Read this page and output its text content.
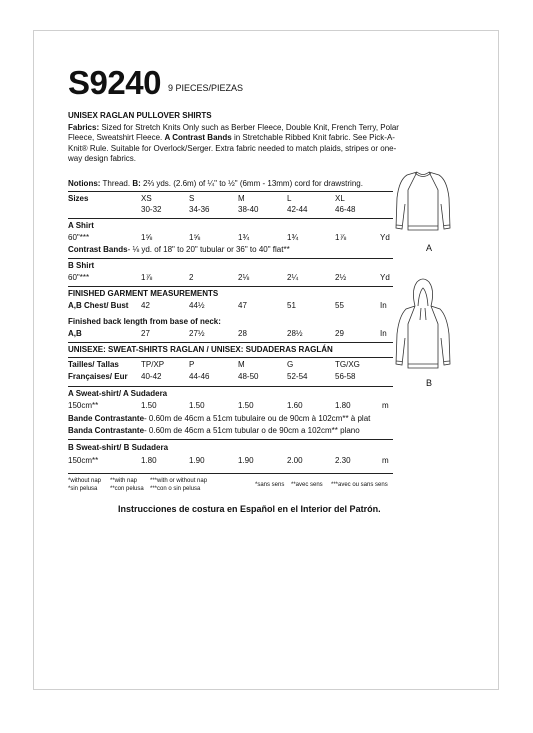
S9240 9 PIECES/PIEZAS
UNISEX RAGLAN PULLOVER SHIRTS
Fabrics: Sized for Stretch Knits Only such as Berber Fleece, Double Knit, French Terry, Polar Fleece, Sweatshirt Fleece. A Contrast Bands in Stretchable Ribbed Knit fabric. See Pick-A-Knit® Rule. Suitable for Overlock/Serger. Extra fabric needed to match plaids, stripes or one-way design fabrics.
Notions: Thread. B: 2⅔ yds. (2.6m) of ¼" to ½" (6mm - 13mm) cord for drawstring.
Sizes	XS	S	M	L	XL
30-32	34-36	38-40	42-44	46-48
A Shirt
60"***	1⅝	1⅝	1¾	1¾	1⅞	Yd
Contrast Bands- ⅛ yd. of 18" to 20" tubular or 36" to 40" flat**
B Shirt
60"***	1⅞	2	2⅛	2¼	2½	Yd
FINISHED GARMENT MEASUREMENTS
A,B Chest/ Bust 42	44½	47	51	55	In
Finished back length from base of neck:
A,B	27	27½	28	28½	29	In
UNISEXE: SWEAT-SHIRTS RAGLAN / UNISEX: SUDADERAS RAGLÁN
Tailles/ Tallas	TP/XP	P	M	G	TG/XG
Françaises/ Eur 40-42	44-46	48-50	52-54	56-58
A Sweat-shirt/ A Sudadera
150cm**	1.50	1.50	1.50	1.60	1.80	m
Bande Contrastante- 0.60m de 46cm a 51cm tubulaire ou de 90cm à 102cm** à plat
Banda Contrastante- 0.60m de 46cm a 51cm tubular o de 90cm a 102cm** plano
B Sweat-shirt/ B Sudadera
150cm**	1.80	1.90	1.90	2.00	2.30	m
*without nap
*sin pelusa
**with nap
**con pelusa
***with or without nap
***con o sin pelusa
*sans sens **avec sens ***avec ou sans sens
Instrucciones de costura en Español en el Interior del Patrón.
A
B
